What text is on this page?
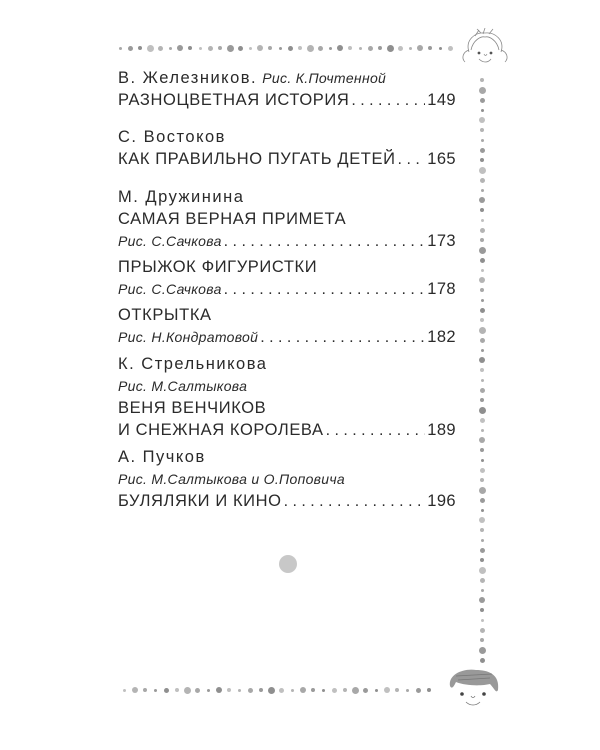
В. Железников. Рис. К.Почтенной
РАЗНОЦВЕТНАЯ ИСТОРИЯ . . .	149
С. Востоков
КАК ПРАВИЛЬНО ПУГАТЬ ДЕТЕЙ . . . 165
М. Дружинина
САМАЯ ВЕРНАЯ ПРИМЕТА
Рис. С.Сачкова . . .	173
ПРЫЖОК ФИГУРИСТКИ
Рис. С.Сачкова . . .	178
ОТКРЫТКА
Рис. Н.Кондратовой . . .	182
К. Стрельникова
Рис. М.Салтыкова
ВЕНЯ ВЕНЧИКОВ
И СНЕЖНАЯ КОРОЛЕВА . . .	189
А. Пучков
Рис. М.Салтыкова и О.Поповича
БУЛЯЛЯКИ И КИНО . . .	196
